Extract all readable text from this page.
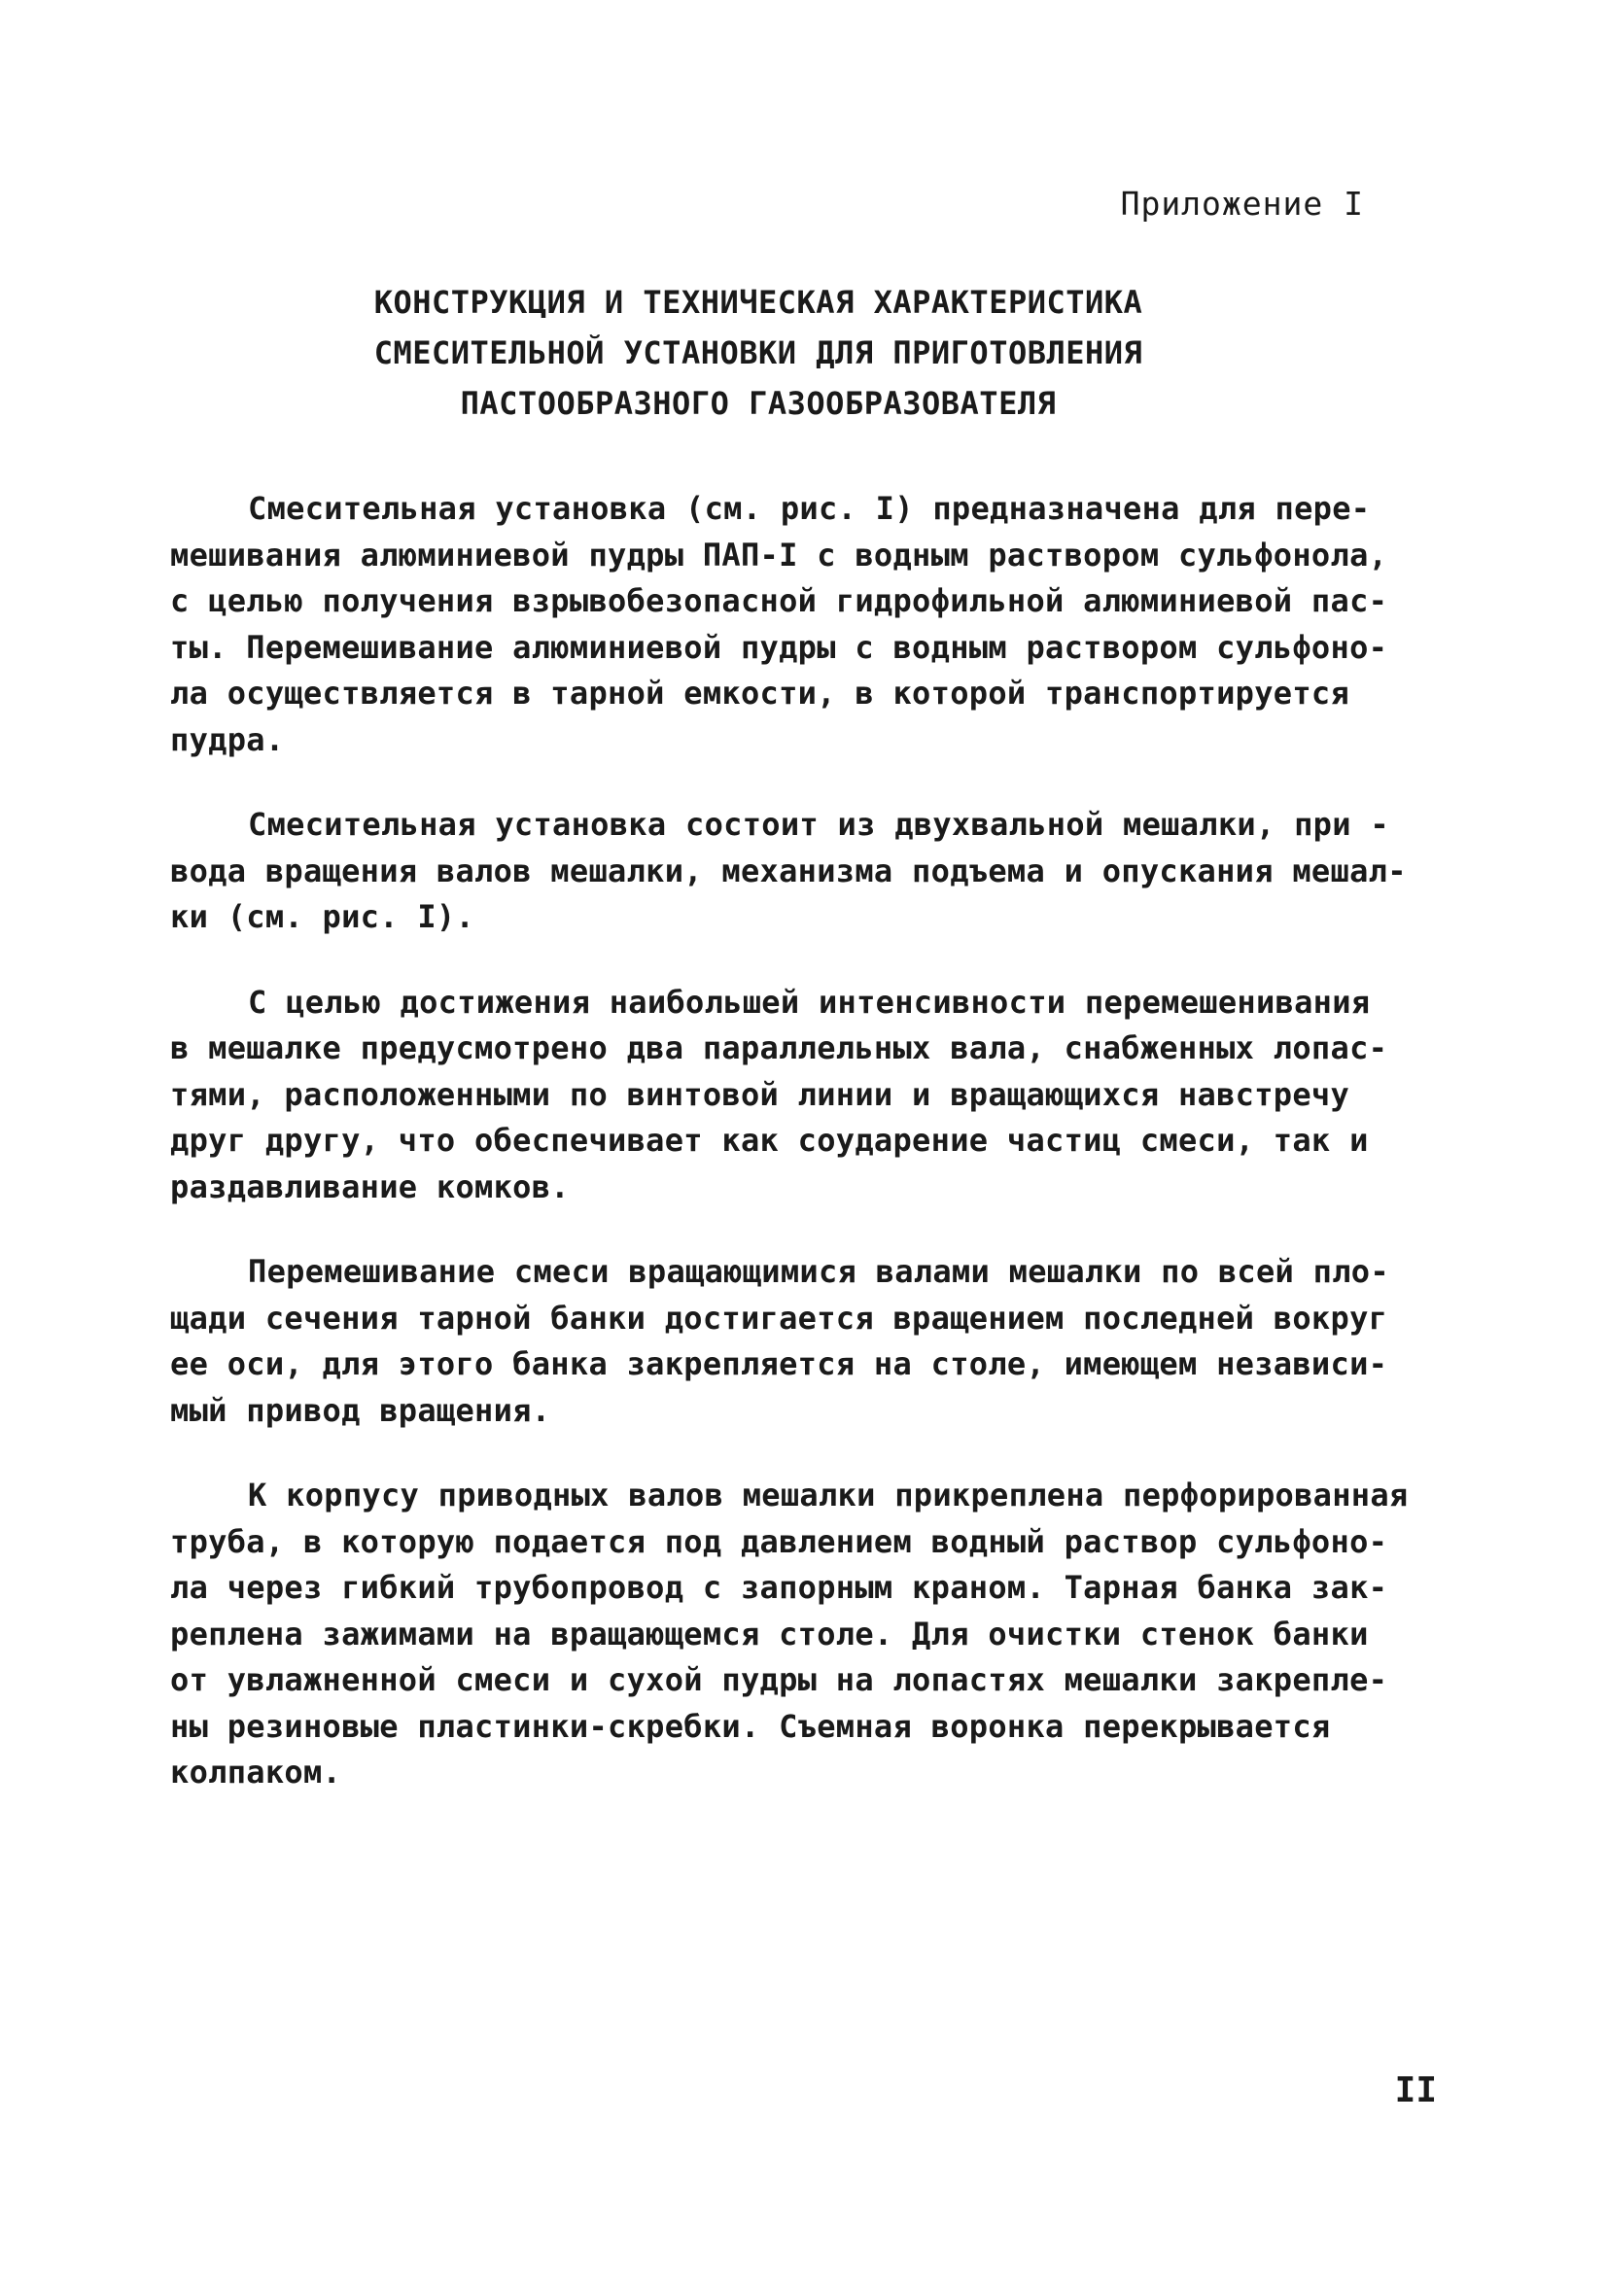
Приложение I
КОНСТРУКЦИЯ И ТЕХНИЧЕСКАЯ ХАРАКТЕРИСТИКА
СМЕСИТЕЛЬНОЙ УСТАНОВКИ ДЛЯ ПРИГОТОВЛЕНИЯ
ПАСТООБРАЗНОГО ГАЗООБРАЗОВАТЕЛЯ
Смесительная установка (см. рис. I) предназначена для пере-
мешивания алюминиевой пудры ПАП-I с водным раствором сульфонола,
с целью получения взрывобезопасной гидрофильной алюминиевой пас-
ты. Перемешивание алюминиевой пудры с водным раствором сульфоно-
ла осуществляется в тарной емкости, в которой транспортируется
пудра.
Смесительная установка состоит из двухвальной мешалки, при -
вода вращения валов мешалки, механизма подъема и опускания мешал-
ки (см. рис. I).
С целью достижения наибольшей интенсивности перемешенивания
в мешалке предусмотрено два параллельных вала, снабженных лопас-
тями, расположенными по винтовой линии и вращающихся навстречу
друг другу, что обеспечивает как соударение частиц смеси, так и
раздавливание комков.
Перемешивание смеси вращающимися валами мешалки по всей пло-
щади сечения тарной банки достигается вращением последней вокруг
ее оси, для этого банка закрепляется на столе, имеющем независи-
мый привод вращения.
К корпусу приводных валов мешалки прикреплена перфорированная
труба, в которую подается под давлением водный раствор сульфоно-
ла через гибкий трубопровод с запорным краном. Тарная банка зак-
реплена зажимами на вращающемся столе. Для очистки стенок банки
от увлажненной смеси и сухой пудры на лопастях мешалки закрепле-
ны резиновые пластинки-скребки. Съемная воронка перекрывается
колпаком.
II
